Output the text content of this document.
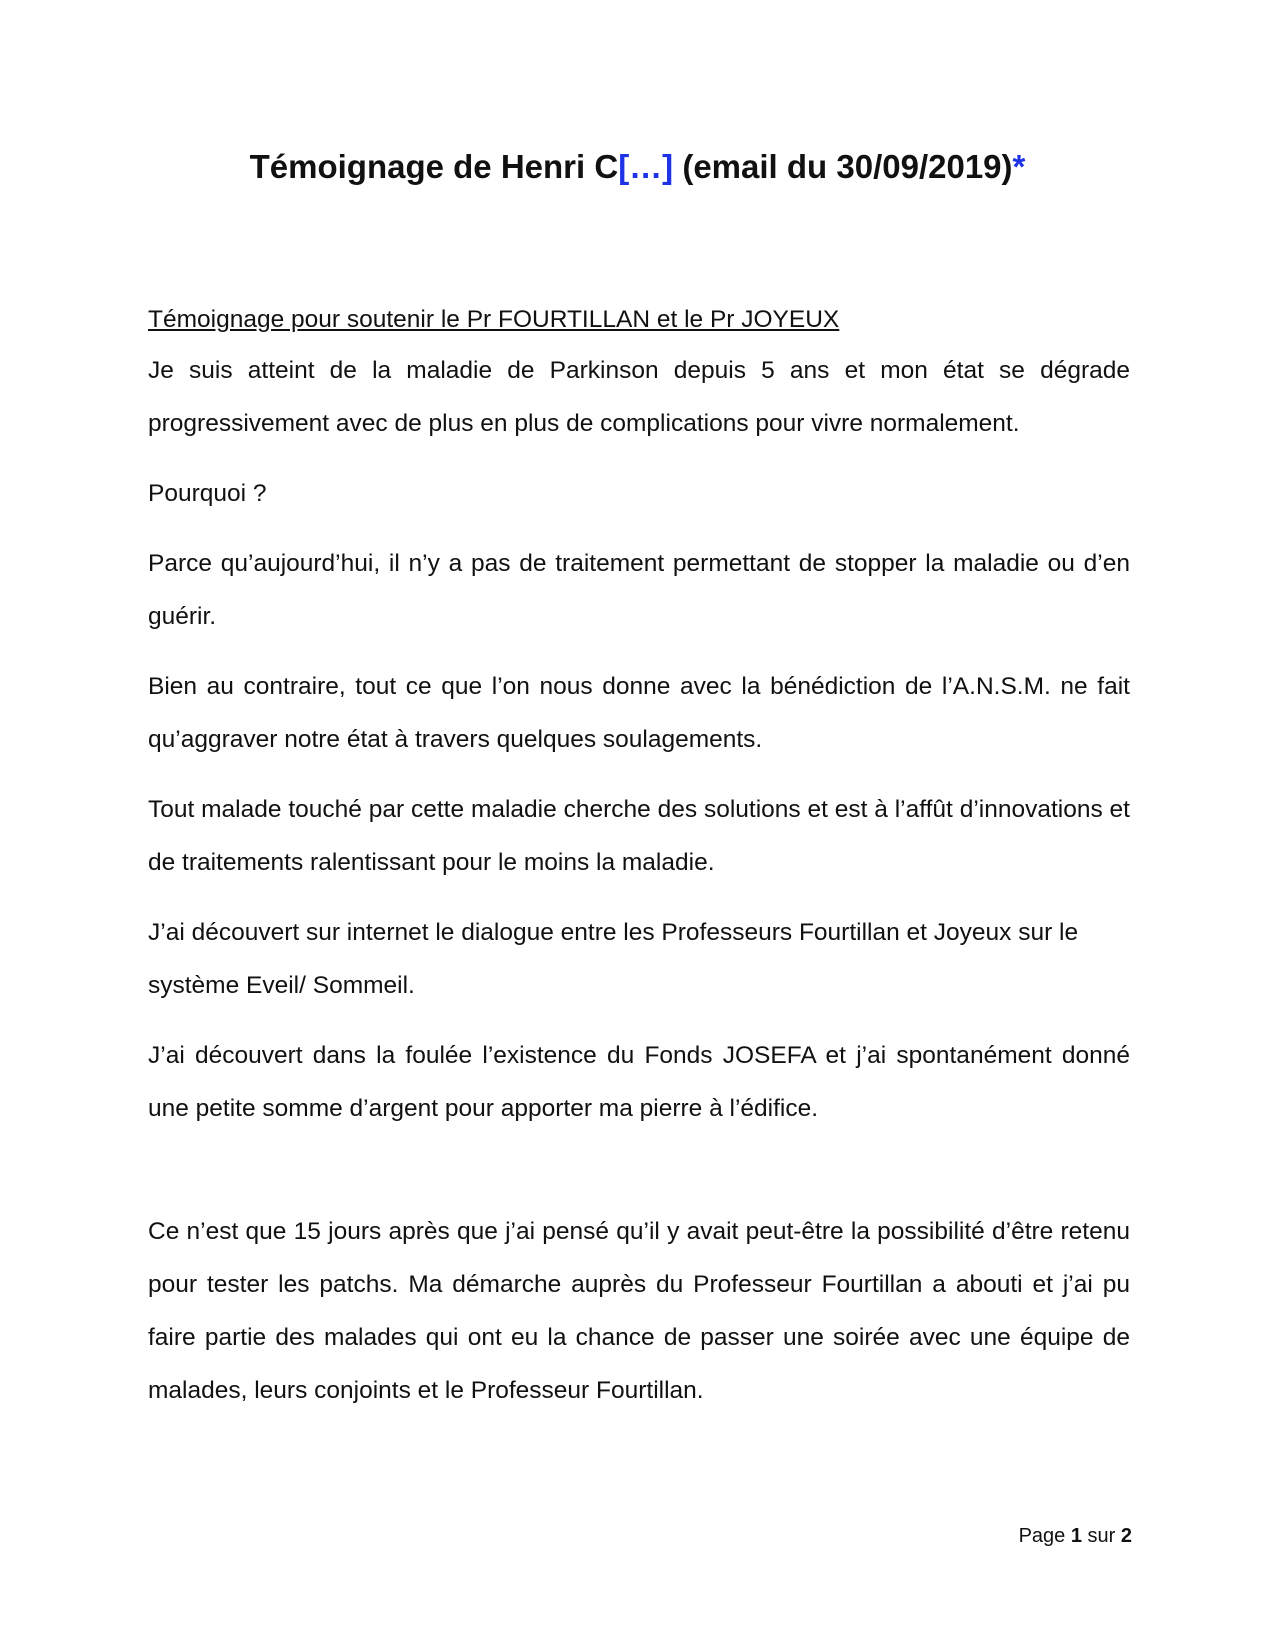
Témoignage de Henri C[…] (email du 30/09/2019)*

Témoignage pour soutenir le Pr FOURTILLAN et le Pr JOYEUX

Je suis atteint de la maladie de Parkinson depuis 5 ans et mon état se dégrade progressivement avec de plus en plus de complications pour vivre normalement.

Pourquoi ?

Parce qu’aujourd’hui, il n’y a pas de traitement permettant de stopper la maladie ou d’en guérir.

Bien au contraire, tout ce que l’on nous donne avec la bénédiction de l’A.N.S.M. ne fait qu’aggraver notre état à travers quelques soulagements.

Tout malade touché par cette maladie cherche des solutions et est à l’affût d’innovations et de traitements ralentissant pour le moins la maladie.

J’ai découvert sur internet le dialogue entre les Professeurs Fourtillan et Joyeux sur le système Eveil/ Sommeil.

J’ai découvert dans la foulée l’existence du Fonds JOSEFA et j’ai spontanément donné une petite somme d’argent pour apporter ma pierre à l’édifice.

Ce n’est que 15 jours après que j’ai pensé qu’il y avait peut-être la possibilité d’être retenu pour tester les patchs. Ma démarche auprès du Professeur Fourtillan a abouti et j’ai pu faire partie des malades qui ont eu la chance de passer une soirée avec une équipe de malades, leurs conjoints et le Professeur Fourtillan.

Page 1 sur 2
